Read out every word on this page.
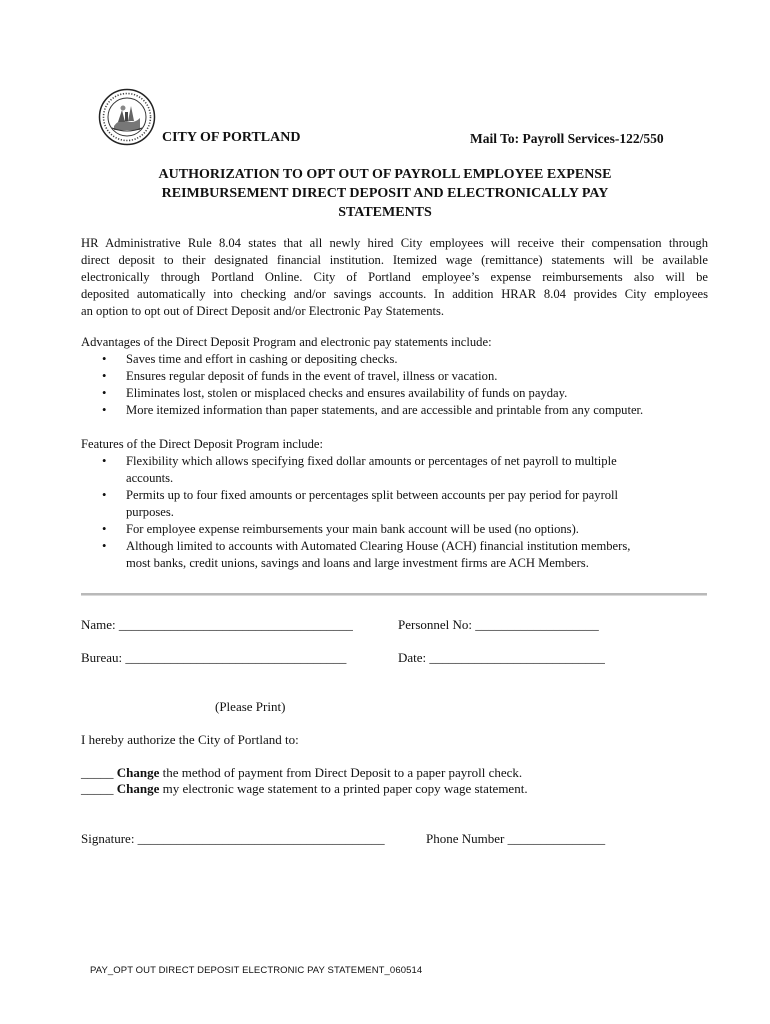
CITY OF PORTLAND	Mail To: Payroll Services-122/550
AUTHORIZATION TO OPT OUT OF PAYROLL EMPLOYEE EXPENSE
REIMBURSEMENT DIRECT DEPOSIT AND ELECTRONICALLY PAY
STATEMENTS
HR Administrative Rule 8.04 states that all newly hired City employees will receive their compensation through
direct deposit to their designated financial institution. Itemized wage (remittance) statements will be available
electronically through Portland Online. City of Portland employee’s expense reimbursements also will be
deposited automatically into checking and/or savings accounts. In addition HRAR 8.04 provides City employees
an option to opt out of Direct Deposit and/or Electronic Pay Statements.
Advantages of the Direct Deposit Program and electronic pay statements include:
• Saves time and effort in cashing or depositing checks.
• Ensures regular deposit of funds in the event of travel, illness or vacation.
• Eliminates lost, stolen or misplaced checks and ensures availability of funds on payday.
• More itemized information than paper statements, and are accessible and printable from any computer.
Features of the Direct Deposit Program include:
• Flexibility which allows specifying fixed dollar amounts or percentages of net payroll to multiple
accounts.
• Permits up to four fixed amounts or percentages split between accounts per pay period for payroll
purposes.
• For employee expense reimbursements your main bank account will be used (no options).
• Although limited to accounts with Automated Clearing House (ACH) financial institution members,
most banks, credit unions, savings and loans and large investment firms are ACH Members.
Name: ____________________________________	Personnel No: ___________________
Bureau: __________________________________	Date: ___________________________
(Please Print)
I hereby authorize the City of Portland to:
_____ Change the method of payment from Direct Deposit to a paper payroll check.
_____ Change my electronic wage statement to a printed paper copy wage statement.
Signature: ______________________________________	Phone Number _______________
PAY_OPT OUT DIRECT DEPOSIT ELECTRONIC PAY STATEMENT_060514
